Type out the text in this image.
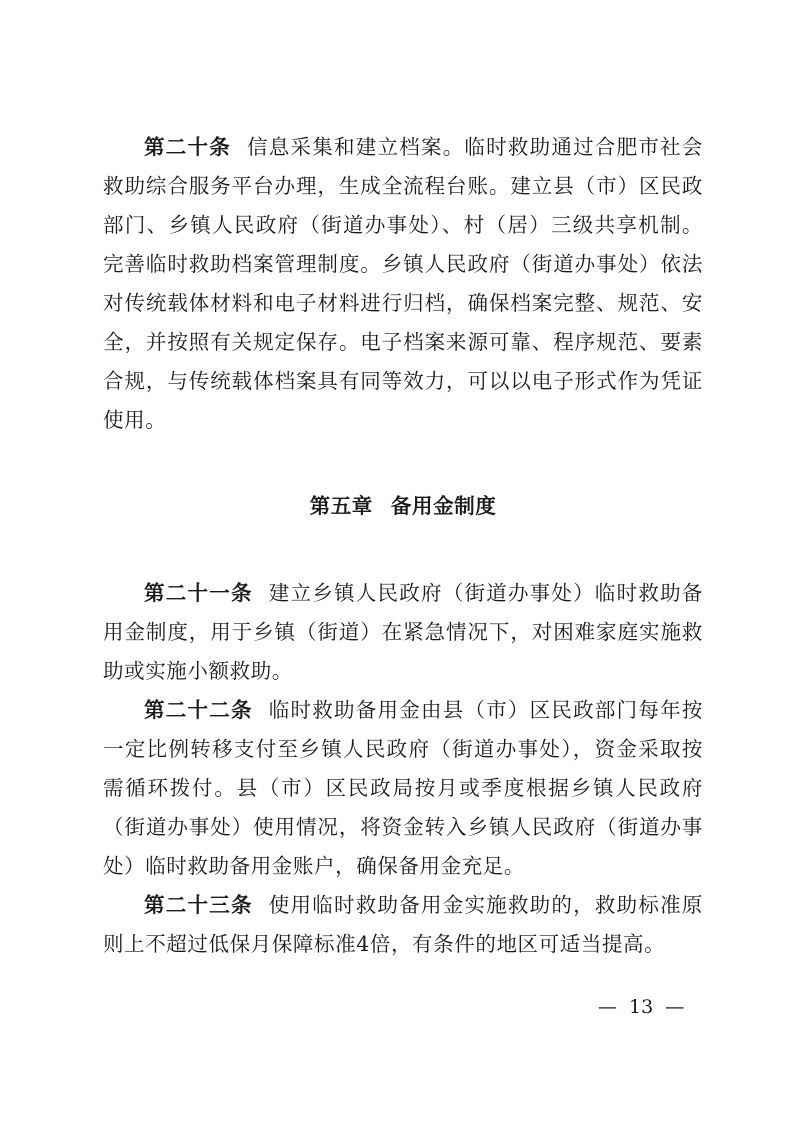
第二十条 信息采集和建立档案。临时救助通过合肥市社会救助综合服务平台办理，生成全流程台账。建立县（市）区民政部门、乡镇人民政府（街道办事处）、村（居）三级共享机制。完善临时救助档案管理制度。乡镇人民政府（街道办事处）依法对传统载体材料和电子材料进行归档，确保档案完整、规范、安全，并按照有关规定保存。电子档案来源可靠、程序规范、要素合规，与传统载体档案具有同等效力，可以以电子形式作为凭证使用。

第五章 备用金制度

第二十一条 建立乡镇人民政府（街道办事处）临时救助备用金制度，用于乡镇（街道）在紧急情况下，对困难家庭实施救助或实施小额救助。

第二十二条 临时救助备用金由县（市）区民政部门每年按一定比例转移支付至乡镇人民政府（街道办事处），资金采取按需循环拨付。县（市）区民政局按月或季度根据乡镇人民政府（街道办事处）使用情况，将资金转入乡镇人民政府（街道办事处）临时救助备用金账户，确保备用金充足。

第二十三条 使用临时救助备用金实施救助的，救助标准原则上不超过低保月保障标准4倍，有条件的地区可适当提高。

— 13 —
